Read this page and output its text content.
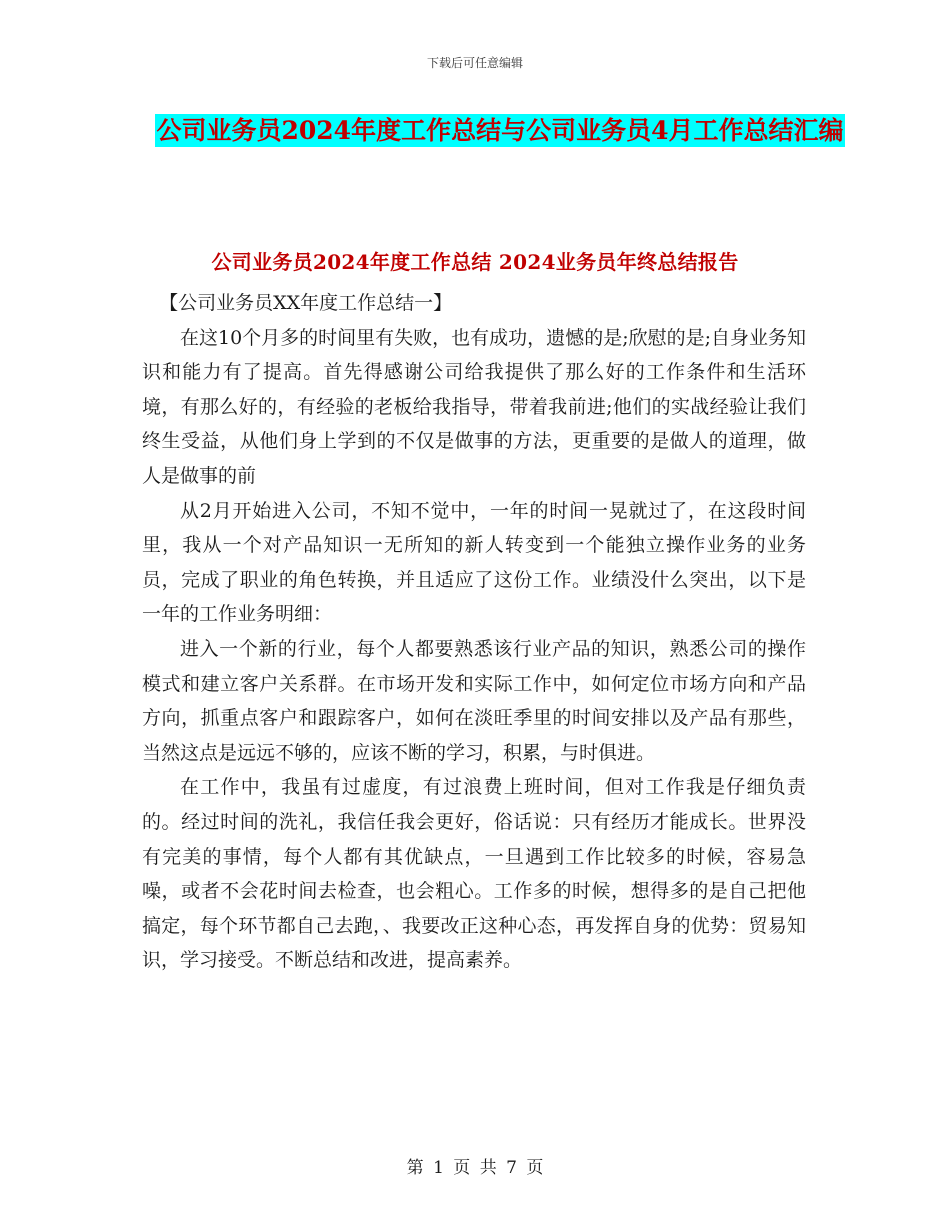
下载后可任意编辑
公司业务员2024年度工作总结与公司业务员4月工作总结汇编
公司业务员2024年度工作总结 2024业务员年终总结报告

【公司业务员XX年度工作总结一】

在这10个月多的时间里有失败，也有成功，遗憾的是;欣慰的是;自身业务知识和能力有了提高。首先得感谢公司给我提供了那么好的工作条件和生活环境，有那么好的，有经验的老板给我指导，带着我前进;他们的实战经验让我们终生受益，从他们身上学到的不仅是做事的方法，更重要的是做人的道理，做人是做事的前

从2月开始进入公司，不知不觉中，一年的时间一晃就过了，在这段时间里，我从一个对产品知识一无所知的新人转变到一个能独立操作业务的业务员，完成了职业的角色转换，并且适应了这份工作。业绩没什么突出，以下是一年的工作业务明细：

进入一个新的行业，每个人都要熟悉该行业产品的知识，熟悉公司的操作模式和建立客户关系群。在市场开发和实际工作中，如何定位市场方向和产品方向，抓重点客户和跟踪客户，如何在淡旺季里的时间安排以及产品有那些，当然这点是远远不够的，应该不断的学习，积累，与时俱进。

在工作中，我虽有过虚度，有过浪费上班时间，但对工作我是仔细负责的。经过时间的洗礼，我信任我会更好，俗话说：只有经历才能成长。世界没有完美的事情，每个人都有其优缺点，一旦遇到工作比较多的时候，容易急噪，或者不会花时间去检查，也会粗心。工作多的时候，想得多的是自己把他搞定，每个环节都自己去跑，、我要改正这种心态，再发挥自身的优势：贸易知识，学习接受。不断总结和改进，提高素养。

第 1 页 共 7 页
